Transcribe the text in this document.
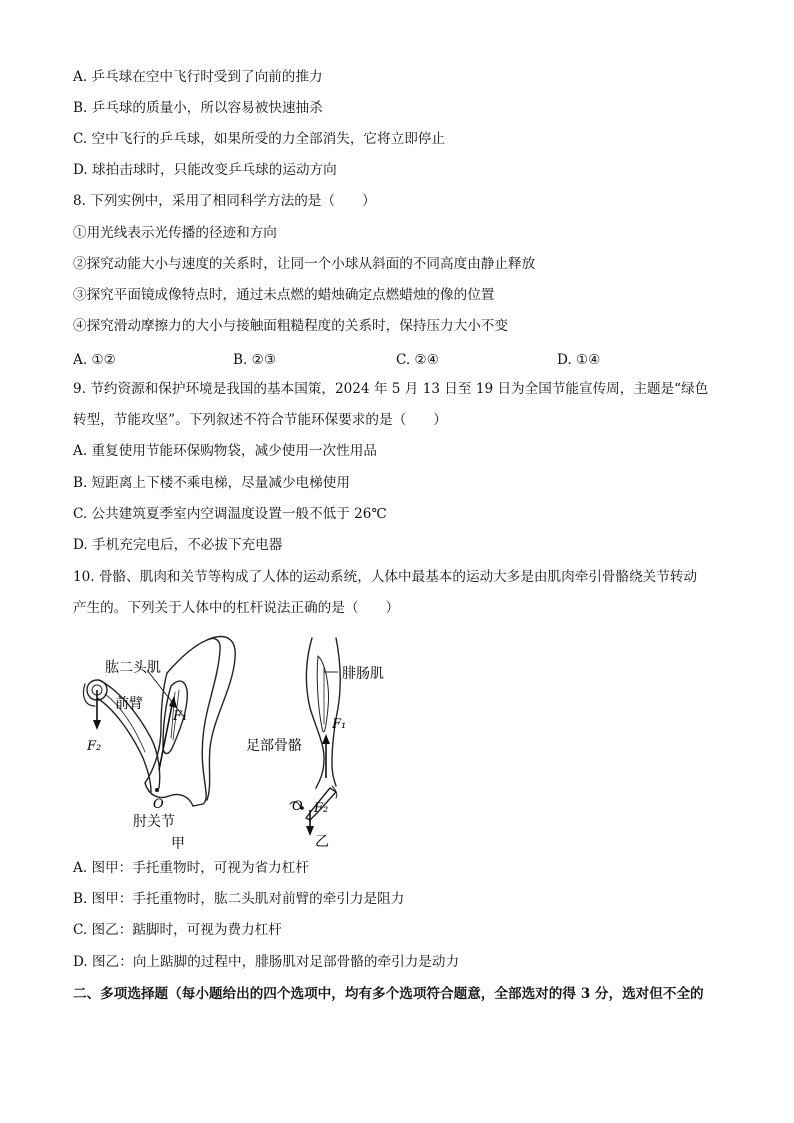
A. 乒乓球在空中飞行时受到了向前的推力
B. 乒乓球的质量小，所以容易被快速抽杀
C. 空中飞行的乒乓球，如果所受的力全部消失，它将立即停止
D. 球拍击球时，只能改变乒乓球的运动方向
8. 下列实例中，采用了相同科学方法的是（　　）
①用光线表示光传播的径迹和方向
②探究动能大小与速度的关系时，让同一个小球从斜面的不同高度由静止释放
③探究平面镜成像特点时，通过未点燃的蜡烛确定点燃蜡烛的像的位置
④探究滑动摩擦力的大小与接触面粗糙程度的关系时，保持压力大小不变
A. ①②	B. ②③	C. ②④	D. ①④
9. 节约资源和保护环境是我国的基本国策，2024 年 5 月 13 日至 19 日为全国节能宣传周，主题是“绿色
转型，节能攻坚”。下列叙述不符合节能环保要求的是（　　）
A. 重复使用节能环保购物袋，减少使用一次性用品
B. 短距离上下楼不乘电梯，尽量减少电梯使用
C. 公共建筑夏季室内空调温度设置一般不低于 26℃
D. 手机充完电后，不必拔下充电器
10. 骨骼、肌肉和关节等构成了人体的运动系统，人体中最基本的运动大多是由肌肉牵引骨骼绕关节转动
产生的。下列关于人体中的杠杆说法正确的是（　　）
肱二头肌
前臂
F₁
F₂
O
肘关节
甲
腓肠肌
F₁
足部骨骼
O F₂
乙
A. 图甲：手托重物时，可视为省力杠杆
B. 图甲：手托重物时，肱二头肌对前臂的牵引力是阻力
C. 图乙：踮脚时，可视为费力杠杆
D. 图乙：向上踮脚的过程中，腓肠肌对足部骨骼的牵引力是动力
二、多项选择题（每小题给出的四个选项中，均有多个选项符合题意，全部选对的得 3 分，选对但不全的
